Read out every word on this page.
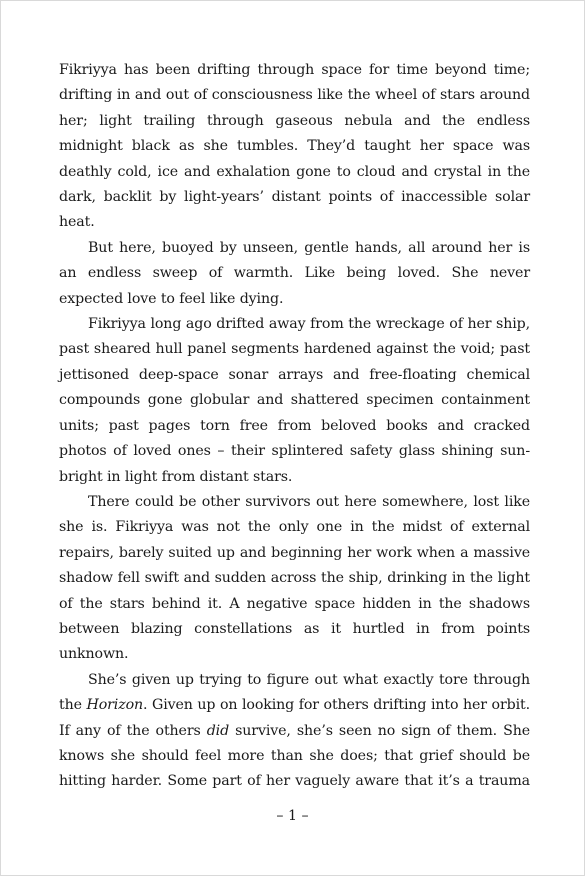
Fikriyya has been drifting through space for time beyond time; drifting in and out of consciousness like the wheel of stars around her; light trailing through gaseous nebula and the endless midnight black as she tumbles. They’d taught her space was deathly cold, ice and exhalation gone to cloud and crystal in the dark, backlit by light-years’ distant points of inaccessible solar heat.

But here, buoyed by unseen, gentle hands, all around her is an endless sweep of warmth. Like being loved. She never expected love to feel like dying.

Fikriyya long ago drifted away from the wreckage of her ship, past sheared hull panel segments hardened against the void; past jettisoned deep-space sonar arrays and free-floating chemical compounds gone globular and shattered specimen containment units; past pages torn free from beloved books and cracked photos of loved ones – their splintered safety glass shining sun-bright in light from distant stars.

There could be other survivors out here somewhere, lost like she is. Fikriyya was not the only one in the midst of external repairs, barely suited up and beginning her work when a massive shadow fell swift and sudden across the ship, drinking in the light of the stars behind it. A negative space hidden in the shadows between blazing constellations as it hurtled in from points unknown.

She’s given up trying to figure out what exactly tore through the Horizon. Given up on looking for others drifting into her orbit. If any of the others did survive, she’s seen no sign of them. She knows she should feel more than she does; that grief should be hitting harder. Some part of her vaguely aware that it’s a trauma

– 1 –
